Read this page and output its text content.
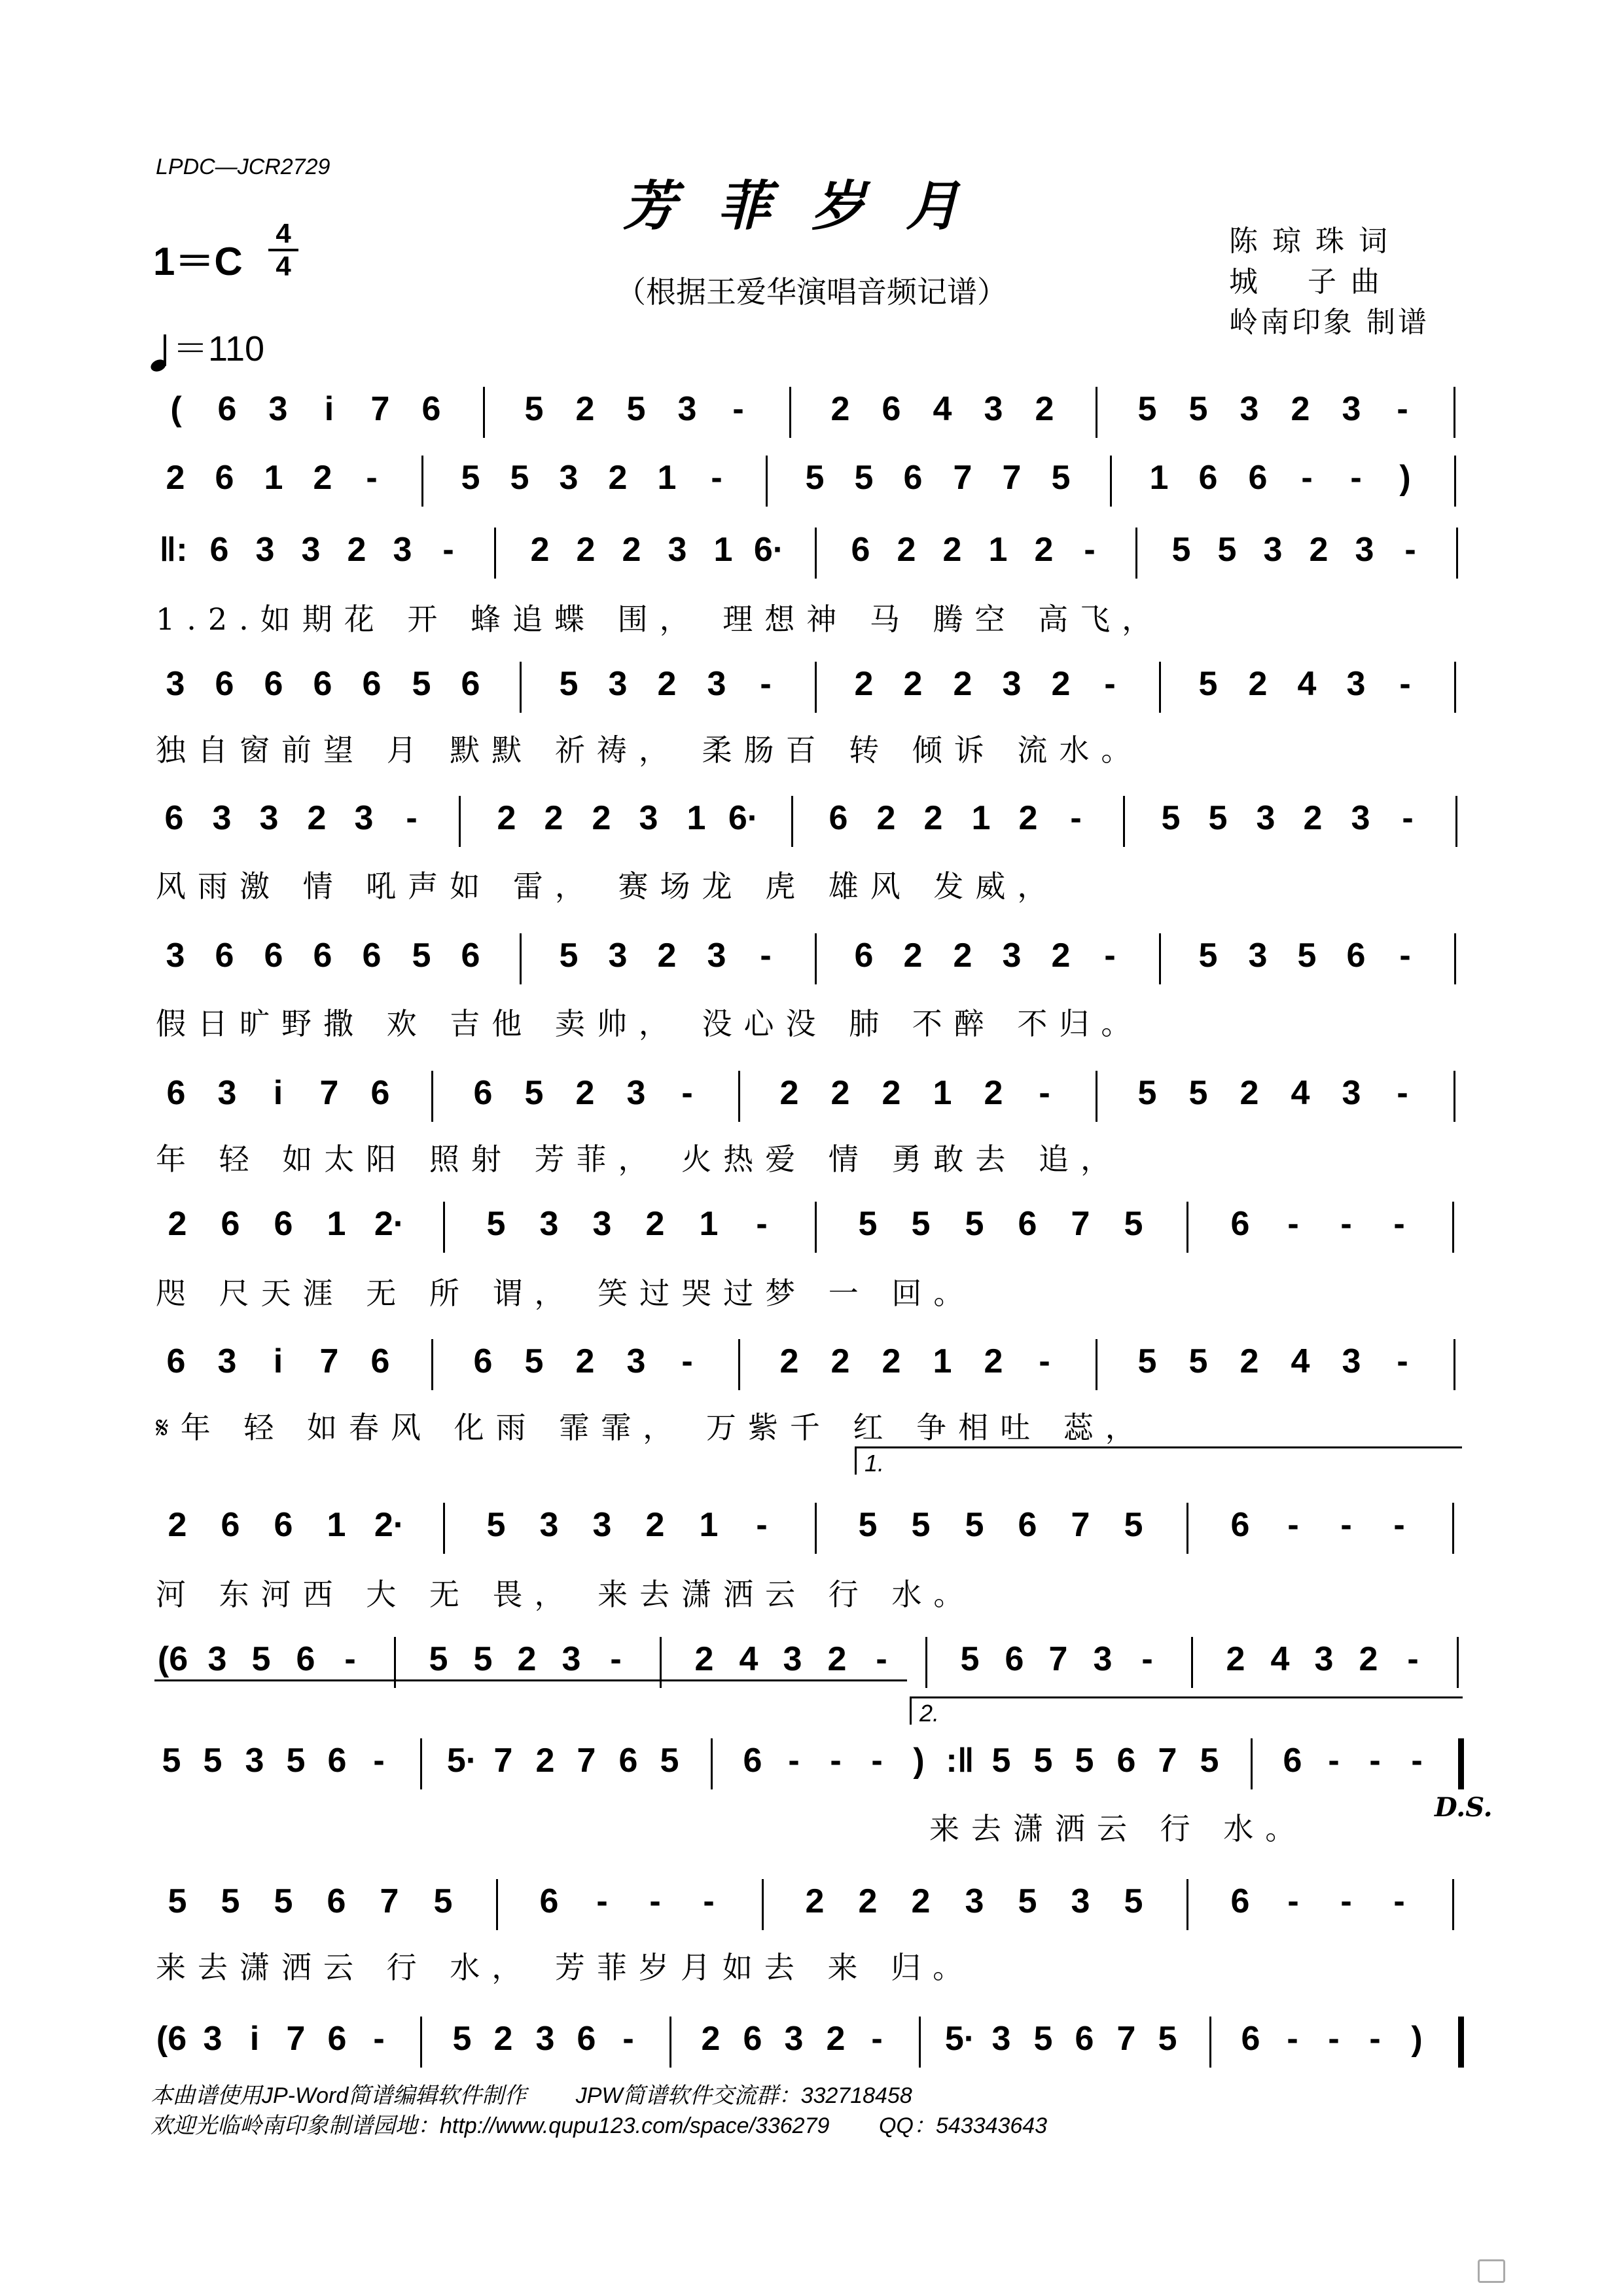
LPDC—JCR2729
芳菲岁月
（根据王爱华演唱音频记谱）
1＝C
4
4
＝110
陈 琼 珠 词
城    子 曲
岭南印象 制谱
(	6 3	i	7 6	5 2 5 3	-	2 6 4 3 2	5 5 3 2 3	-
2 6 1 2 -	5 5 3 2 1	-	5 5 6 7 7 5	1 6 6 -	-	)
‖: 6 3 3 2 3 -	2 2 2 3 1 6·	6 2 2 1 2 -	5 5 3 2 3 -
1.2.如期花 开 蜂追蝶 围， 理想神 马 腾空 高飞，
3 6 6 6 6 5 6	5 3 2 3 -	2 2 2 3 2 -	5 2 4 3 -
独自窗前望 月 默默 祈祷， 柔肠百 转 倾诉 流水。
6 3 3 2 3 -	2 2 2 3 1 6·	6 2 2 1 2 -	5 5 3 2 3 -
风雨激 情 吼声如 雷， 赛场龙 虎 雄风 发威，
3 6 6 6 6 5 6	5 3 2 3 -	6 2 2 3 2 -	5 3 5 6 -
假日旷野撒 欢 吉他 卖帅， 没心没 肺 不醉 不归。
6 3	i	7 6	6 5 2 3	-	2 2 2 1 2	-	5 5 2 4 3	-
年 轻 如太阳 照射 芳菲， 火热爱 情 勇敢去 追，
2	6	6	1 2·	5	3	3	2	1	-	5	5	5	6	7	5	6	-	-	-
咫 尺天涯 无 所 谓， 笑过哭过梦 一 回。
6 3	i	7 6	6 5 2 3	-	2 2 2 1 2	-	5 5 2 4 3	-
𝄋年 轻 如春风 化雨 霏霏， 万紫千 红 争相吐 蕊，
2	6	6	1 2·	5	3	3	2	1	-	5	5	5	6	7	5	6	-	-	-
河 东河西 大 无 畏， 来去潇洒云 行 水。
(6 3 5 6 -	5 5 2 3 -	2 4 3 2 -	5 6 7 3 -	2 4 3 2 -
5 5 3 5 6 -	5· 7 2 7 6 5	6 - - - ) :‖ 5 5 5 6 7 5	6 - - -
来去潇洒云 行 水。
5	5	5	6	7	5	6	-	-	-	2	2	2	3	5	3	5	6	-	-	-
来去潇洒云 行 水， 芳菲岁月如去 来 归。
(6 3 i 7 6 -	5 2 3 6 -	2 6 3 2 -	5· 3 5 6 7 5	6 - - - )
1.
2.
D.S.
本曲谱使用JP-Word简谱编辑软件制作        JPW简谱软件交流群：332718458
欢迎光临岭南印象制谱园地：http://www.qupu123.com/space/336279        QQ：543343643
